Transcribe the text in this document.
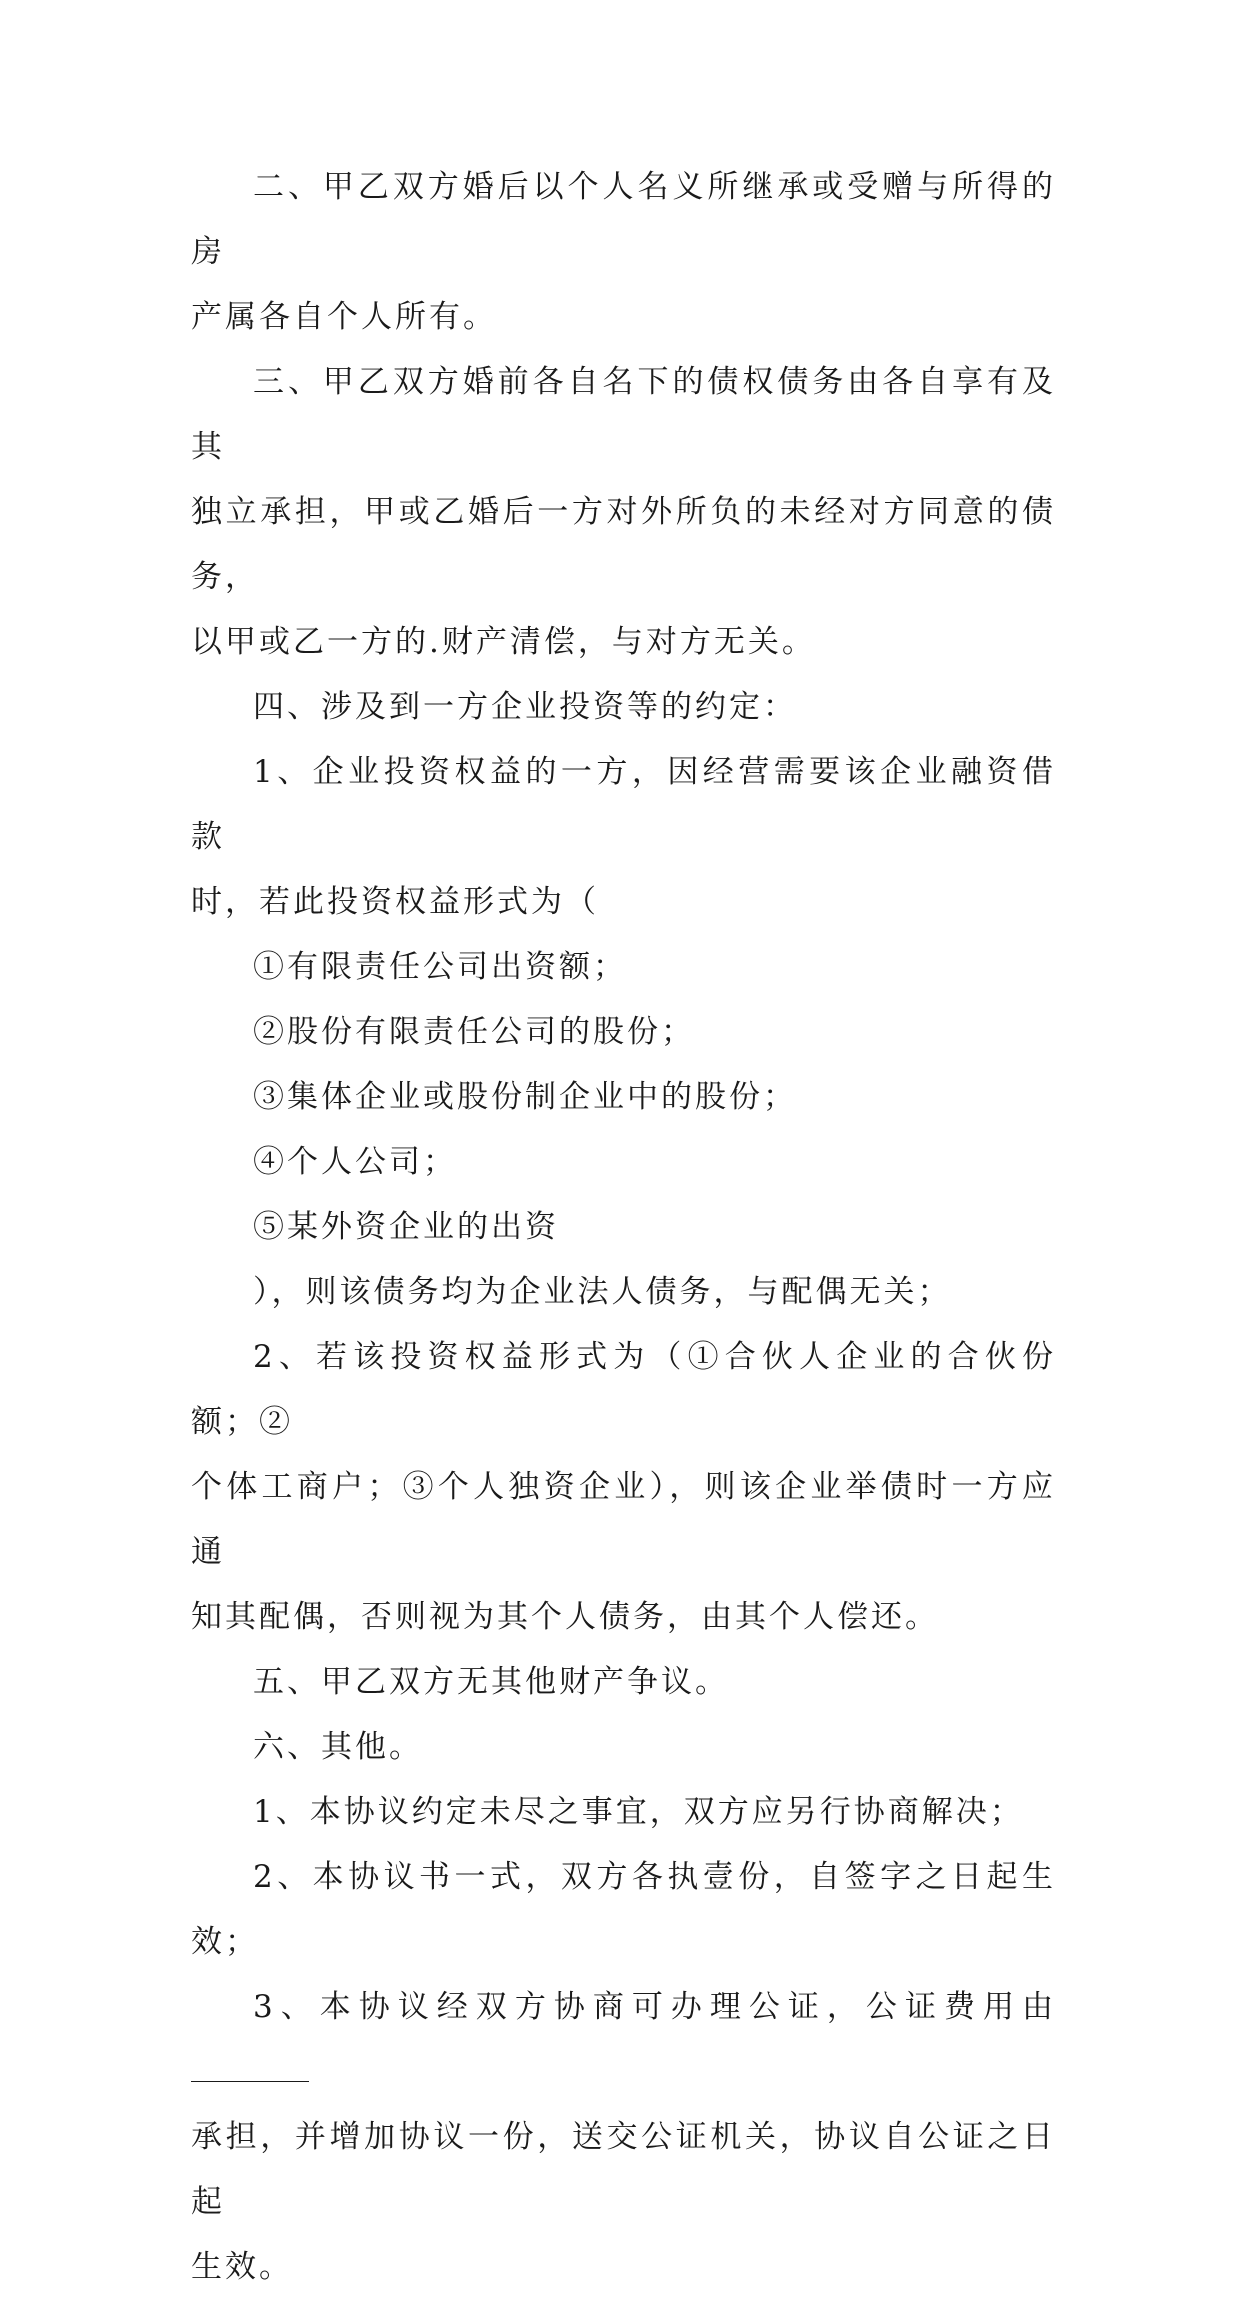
二、甲乙双方婚后以个人名义所继承或受赠与所得的房
产属各自个人所有。

三、甲乙双方婚前各自名下的债权债务由各自享有及其
独立承担，甲或乙婚后一方对外所负的未经对方同意的债务，
以甲或乙一方的.财产清偿，与对方无关。

四、涉及到一方企业投资等的约定：

1、企业投资权益的一方，因经营需要该企业融资借款
时，若此投资权益形式为（

①有限责任公司出资额；

②股份有限责任公司的股份；

③集体企业或股份制企业中的股份；

④个人公司；

⑤某外资企业的出资

），则该债务均为企业法人债务，与配偶无关；

2、若该投资权益形式为（①合伙人企业的合伙份额；②
个体工商户；③个人独资企业），则该企业举债时一方应通
知其配偶，否则视为其个人债务，由其个人偿还。

五、甲乙双方无其他财产争议。

六、其他。

1、本协议约定未尽之事宜，双方应另行协商解决；

2、本协议书一式，双方各执壹份，自签字之日起生效；

3、本协议经双方协商可办理公证，公证费用由
承担，并增加协议一份，送交公证机关，协议自公证之日起
生效。
